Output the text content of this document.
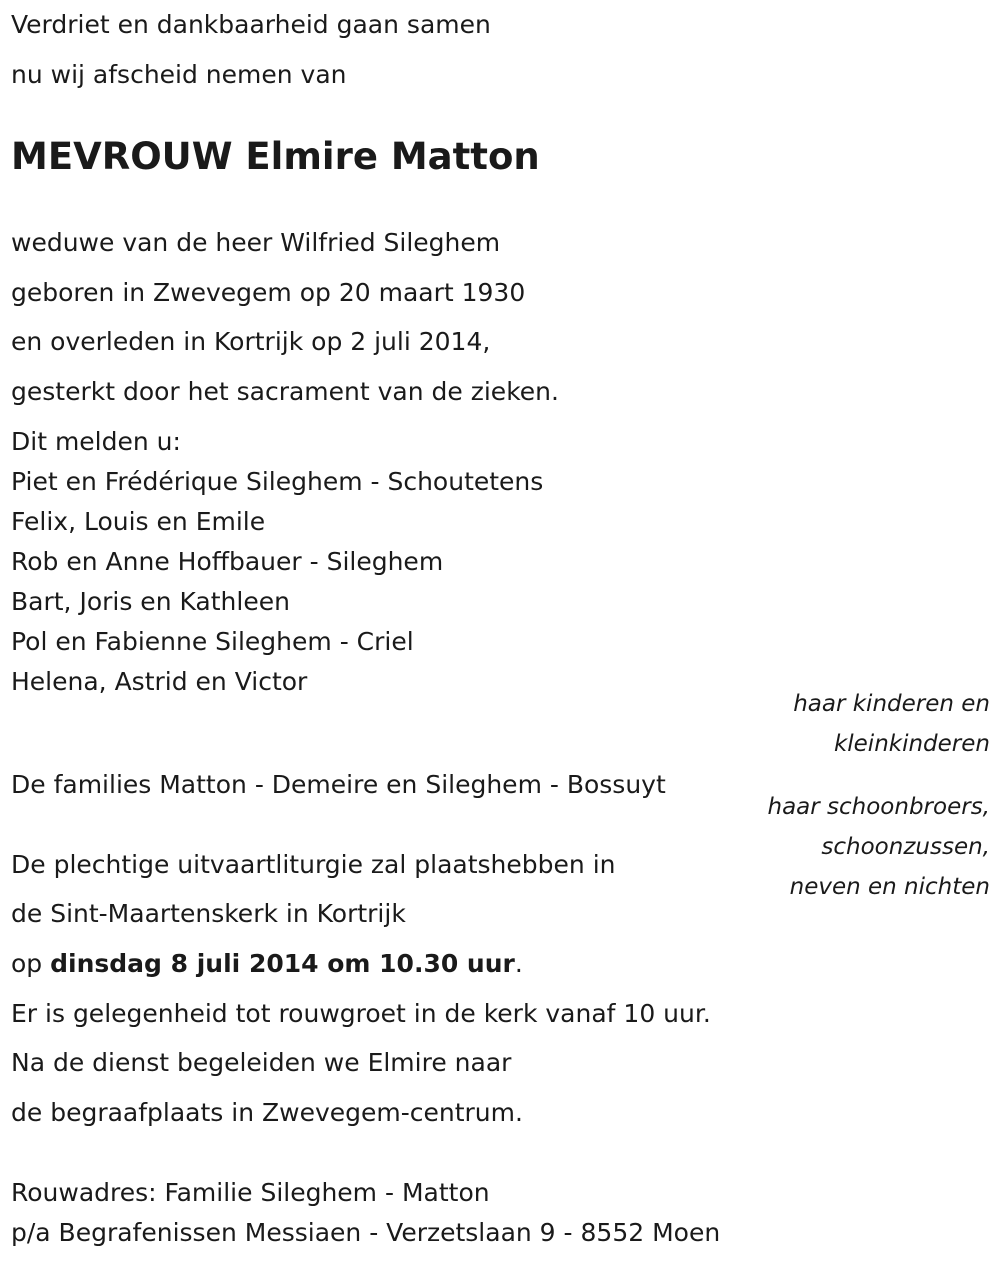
Verdriet en dankbaarheid gaan samen
nu wij afscheid nemen van
MEVROUW Elmire Matton
weduwe van de heer Wilfried Sileghem
geboren in Zwevegem op 20 maart 1930
en overleden in Kortrijk op 2 juli 2014,
gesterkt door het sacrament van de zieken.
Dit melden u:
Piet en Frédérique Sileghem - Schoutetens
Felix, Louis en Emile
Rob en Anne Hoffbauer - Sileghem
Bart, Joris en Kathleen
Pol en Fabienne Sileghem - Criel
Helena, Astrid en Victor
haar kinderen en
kleinkinderen
De families Matton - Demeire en Sileghem - Bossuyt
haar schoonbroers,
schoonzussen,
neven en nichten
De plechtige uitvaartliturgie zal plaatshebben in
de Sint-Maartenskerk in Kortrijk
op dinsdag 8 juli 2014 om 10.30 uur.
Er is gelegenheid tot rouwgroet in de kerk vanaf 10 uur.
Na de dienst begeleiden we Elmire naar
de begraafplaats in Zwevegem-centrum.
Rouwadres: Familie Sileghem - Matton
p/a Begrafenissen Messiaen - Verzetslaan 9 - 8552 Moen
